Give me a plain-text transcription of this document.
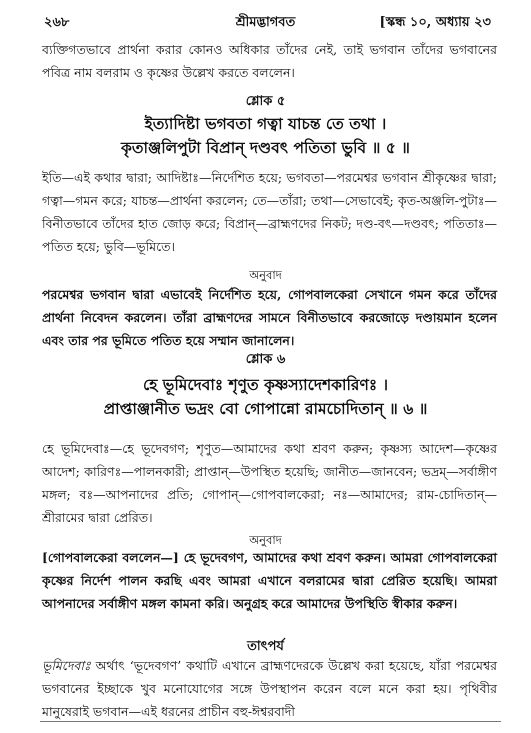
২৬৮	শ্রীমদ্ভাগবত	[স্কন্ধ ১০, অধ্যায় ২৩

ব্যক্তিগতভাবে প্রার্থনা করার কোনও অধিকার তাঁদের নেই, তাই ভগবান তাঁদের ভগবানের পবিত্র নাম বলরাম ও কৃষ্ণের উল্লেখ করতে বললেন।

শ্লোক ৫
ইত্যাদিষ্টা ভগবতা গত্বা যাচন্ত তে তথা ।
কৃতাঞ্জলিপুটা বিপ্রান্ দণ্ডবৎ পতিতা ভুবি ॥ ৫ ॥

ইতি—এই কথার দ্বারা; আদিষ্টাঃ—নির্দেশিত হয়ে; ভগবতা—পরমেশ্বর ভগবান শ্রীকৃষ্ণের দ্বারা; গত্বা—গমন করে; যাচন্ত—প্রার্থনা করলেন; তে—তাঁরা; তথা—সেভাবেই; কৃত-অঞ্জলি-পুটাঃ—বিনীতভাবে তাঁদের হাত জোড় করে; বিপ্রান্—ব্রাহ্মণদের নিকট; দণ্ড-বৎ—দণ্ডবৎ; পতিতাঃ—পতিত হয়ে; ভুবি—ভূমিতে।

অনুবাদ

পরমেশ্বর ভগবান দ্বারা এভাবেই নির্দেশিত হয়ে, গোপবালকেরা সেখানে গমন করে তাঁদের প্রার্থনা নিবেদন করলেন। তাঁরা ব্রাহ্মণদের সামনে বিনীতভাবে করজোড়ে দণ্ডায়মান হলেন এবং তার পর ভূমিতে পতিত হয়ে সম্মান জানালেন।

শ্লোক ৬
হে ভূমিদেবাঃ শৃণুত কৃষ্ণস্যাদেশকারিণঃ ।
প্রাপ্তাঞ্জানীত ভদ্রং বো গোপান্নো রামচোদিতান্ ॥ ৬ ॥

হে ভূমিদেবাঃ—হে ভূদেবগণ; শৃণুত—আমাদের কথা শ্রবণ করুন; কৃষ্ণস্য আদেশ—কৃষ্ণের আদেশ; কারিণঃ—পালনকারী; প্রাপ্তান্—উপস্থিত হয়েছি; জানীত—জানবেন; ভদ্রম্—সর্বাঙ্গীণ মঙ্গল; বঃ—আপনাদের প্রতি; গোপান্—গোপবালকেরা; নঃ—আমাদের; রাম-চোদিতান্—শ্রীরামের দ্বারা প্রেরিত।

অনুবাদ

[গোপবালকেরা বললেন—] হে ভূদেবগণ, আমাদের কথা শ্রবণ করুন। আমরা গোপবালকেরা কৃষ্ণের নির্দেশ পালন করছি এবং আমরা এখানে বলরামের দ্বারা প্রেরিত হয়েছি। আমরা আপনাদের সর্বাঙ্গীণ মঙ্গল কামনা করি। অনুগ্রহ করে আমাদের উপস্থিতি স্বীকার করুন।

তাৎপর্য

ভূমিদেবাঃ অর্থাৎ ‘ভূদেবগণ’ কথাটি এখানে ব্রাহ্মণদেরকে উল্লেখ করা হয়েছে, যাঁরা পরমেশ্বর ভগবানের ইচ্ছাকে খুব মনোযোগের সঙ্গে উপস্থাপন করেন বলে মনে করা হয়। পৃথিবীর মানুষেরাই ভগবান—এই ধরনের প্রাচীন বহু-ঈশ্বরবাদী
